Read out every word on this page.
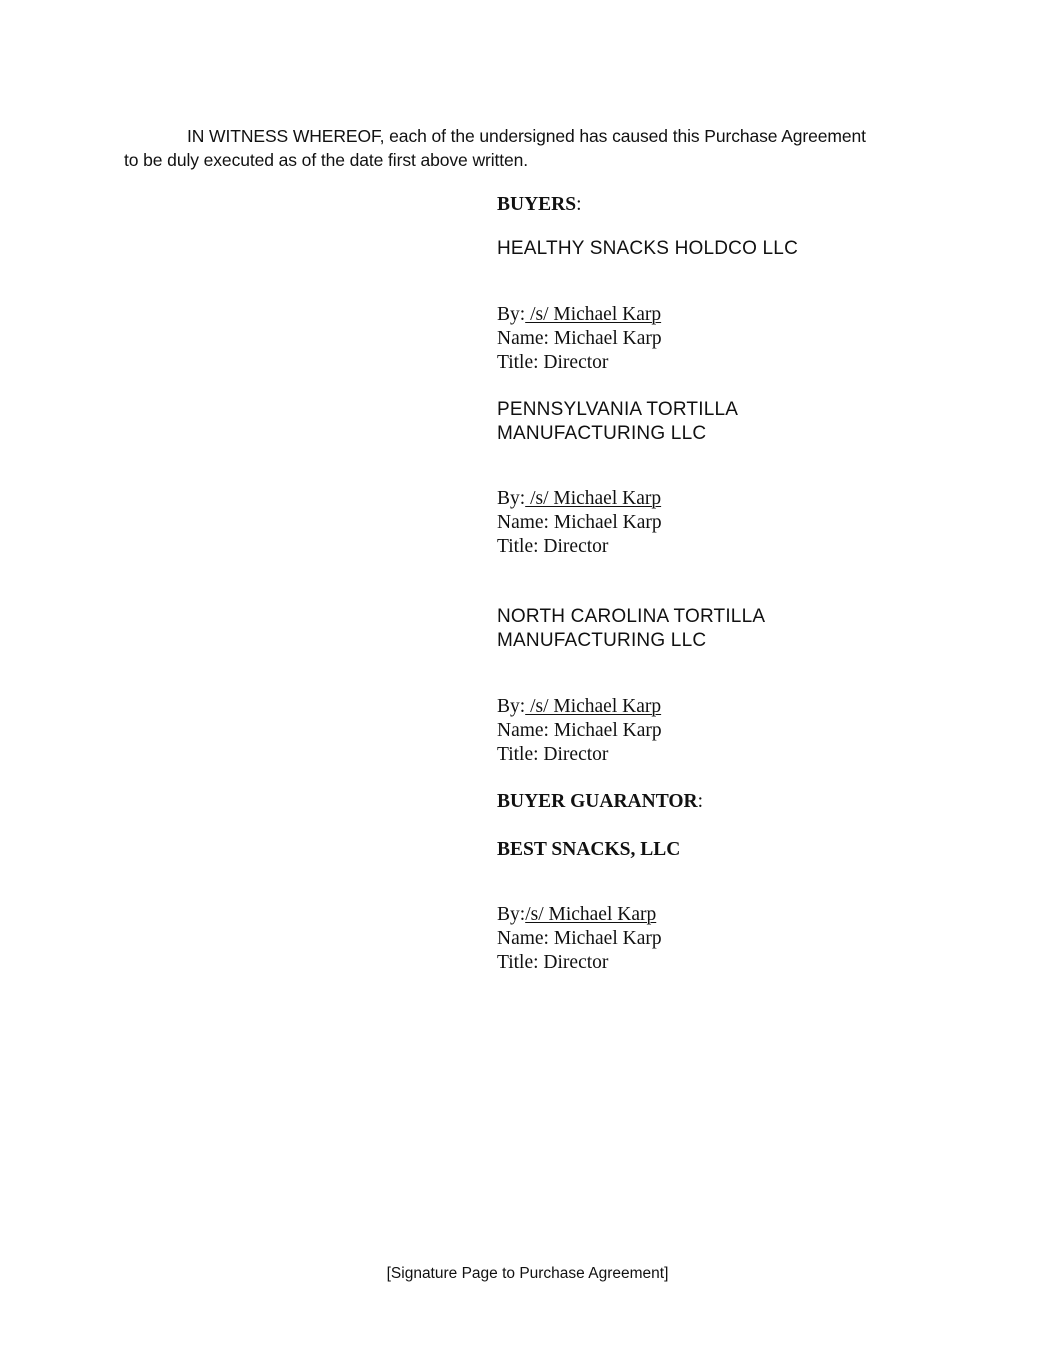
IN WITNESS WHEREOF, each of the undersigned has caused this Purchase Agreement
to be duly executed as of the date first above written.
BUYERS:
HEALTHY SNACKS HOLDCO LLC
By: /s/ Michael Karp
Name: Michael Karp
Title: Director
PENNSYLVANIA TORTILLA
MANUFACTURING LLC
By: /s/ Michael Karp
Name: Michael Karp
Title: Director
NORTH CAROLINA TORTILLA
MANUFACTURING LLC
By: /s/ Michael Karp
Name: Michael Karp
Title: Director
BUYER GUARANTOR:
BEST SNACKS, LLC
By:/s/ Michael Karp
Name: Michael Karp
Title: Director
[Signature Page to Purchase Agreement]
